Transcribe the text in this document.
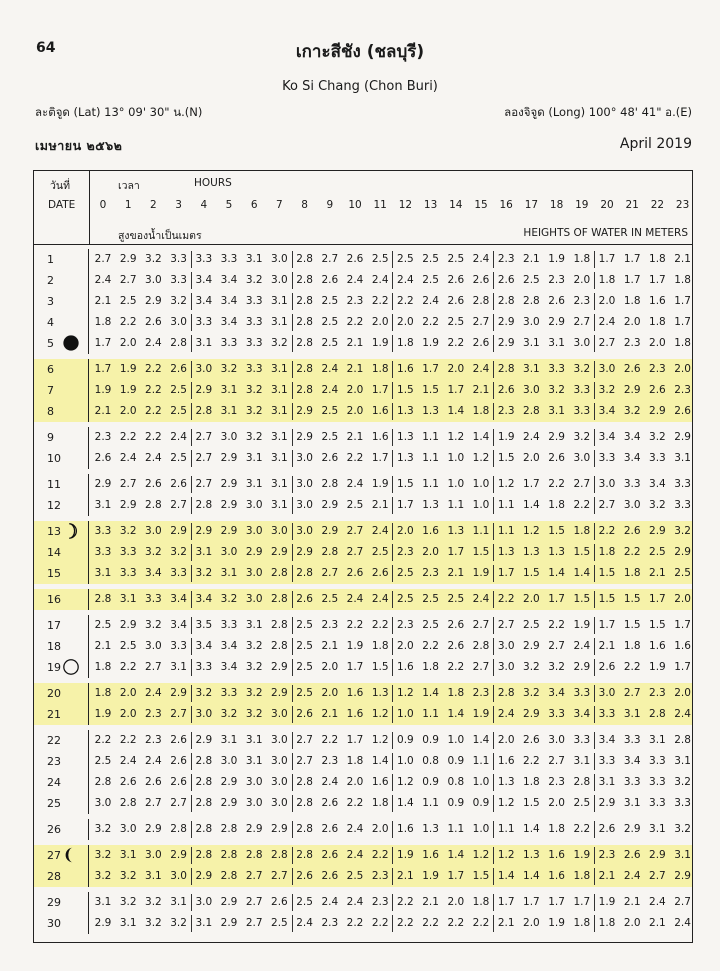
64	เกาะสีชัง (ชลบุรี)
Ko Si Chang (Chon Buri)
ละติจูด (Lat) 13° 09' 30" น.(N)	ลองจิจูด (Long) 100° 48' 41" อ.(E)
เมษายน ๒๕๖๒	April 2019
วันที่
DATE
เวลา	HOURS
0	1	2	3	4	5	6	7	8	9	10	11	12	13	14	15	16	17	18	19	20	21	22	23
สูงของน้ำเป็นเมตร	HEIGHTS OF WATER IN METERS
1	2.7 2.9 3.2 3.3 3.3 3.3 3.1 3.0 2.8 2.7 2.6 2.5 2.5 2.5 2.5 2.4 2.3 2.1 1.9 1.8 1.7 1.7 1.8 2.1
2	2.4 2.7 3.0 3.3 3.4 3.4 3.2 3.0 2.8 2.6 2.4 2.4 2.4 2.5 2.6 2.6 2.6 2.5 2.3 2.0 1.8 1.7 1.7 1.8
3	2.1 2.5 2.9 3.2 3.4 3.4 3.3 3.1 2.8 2.5 2.3 2.2 2.2 2.4 2.6 2.8 2.8 2.8 2.6 2.3 2.0 1.8 1.6 1.7
4	1.8 2.2 2.6 3.0 3.3 3.4 3.3 3.1 2.8 2.5 2.2 2.0 2.0 2.2 2.5 2.7 2.9 3.0 2.9 2.7 2.4 2.0 1.8 1.7
5	1.7 2.0 2.4 2.8 3.1 3.3 3.3 3.2 2.8 2.5 2.1 1.9 1.8 1.9 2.2 2.6 2.9 3.1 3.1 3.0 2.7 2.3 2.0 1.8
6	1.7 1.9 2.2 2.6 3.0 3.2 3.3 3.1 2.8 2.4 2.1 1.8 1.6 1.7 2.0 2.4 2.8 3.1 3.3 3.2 3.0 2.6 2.3 2.0
7	1.9 1.9 2.2 2.5 2.9 3.1 3.2 3.1 2.8 2.4 2.0 1.7 1.5 1.5 1.7 2.1 2.6 3.0 3.2 3.3 3.2 2.9 2.6 2.3
8	2.1 2.0 2.2 2.5 2.8 3.1 3.2 3.1 2.9 2.5 2.0 1.6 1.3 1.3 1.4 1.8 2.3 2.8 3.1 3.3 3.4 3.2 2.9 2.6
9	2.3 2.2 2.2 2.4 2.7 3.0 3.2 3.1 2.9 2.5 2.1 1.6 1.3 1.1 1.2 1.4 1.9 2.4 2.9 3.2 3.4 3.4 3.2 2.9
10	2.6 2.4 2.4 2.5 2.7 2.9 3.1 3.1 3.0 2.6 2.2 1.7 1.3 1.1 1.0 1.2 1.5 2.0 2.6 3.0 3.3 3.4 3.3 3.1
11	2.9 2.7 2.6 2.6 2.7 2.9 3.1 3.1 3.0 2.8 2.4 1.9 1.5 1.1 1.0 1.0 1.2 1.7 2.2 2.7 3.0 3.3 3.4 3.3
12	3.1 2.9 2.8 2.7 2.8 2.9 3.0 3.1 3.0 2.9 2.5 2.1 1.7 1.3 1.1 1.0 1.1 1.4 1.8 2.2 2.7 3.0 3.2 3.3
13	3.3 3.2 3.0 2.9 2.9 2.9 3.0 3.0 3.0 2.9 2.7 2.4 2.0 1.6 1.3 1.1 1.1 1.2 1.5 1.8 2.2 2.6 2.9 3.2
14	3.3 3.3 3.2 3.2 3.1 3.0 2.9 2.9 2.9 2.8 2.7 2.5 2.3 2.0 1.7 1.5 1.3 1.3 1.3 1.5 1.8 2.2 2.5 2.9
15	3.1 3.3 3.4 3.3 3.2 3.1 3.0 2.8 2.8 2.7 2.6 2.6 2.5 2.3 2.1 1.9 1.7 1.5 1.4 1.4 1.5 1.8 2.1 2.5
16	2.8 3.1 3.3 3.4 3.4 3.2 3.0 2.8 2.6 2.5 2.4 2.4 2.5 2.5 2.5 2.4 2.2 2.0 1.7 1.5 1.5 1.5 1.7 2.0
17	2.5 2.9 3.2 3.4 3.5 3.3 3.1 2.8 2.5 2.3 2.2 2.2 2.3 2.5 2.6 2.7 2.7 2.5 2.2 1.9 1.7 1.5 1.5 1.7
18	2.1 2.5 3.0 3.3 3.4 3.4 3.2 2.8 2.5 2.1 1.9 1.8 2.0 2.2 2.6 2.8 3.0 2.9 2.7 2.4 2.1 1.8 1.6 1.6
19	1.8 2.2 2.7 3.1 3.3 3.4 3.2 2.9 2.5 2.0 1.7 1.5 1.6 1.8 2.2 2.7 3.0 3.2 3.2 2.9 2.6 2.2 1.9 1.7
20	1.8 2.0 2.4 2.9 3.2 3.3 3.2 2.9 2.5 2.0 1.6 1.3 1.2 1.4 1.8 2.3 2.8 3.2 3.4 3.3 3.0 2.7 2.3 2.0
21	1.9 2.0 2.3 2.7 3.0 3.2 3.2 3.0 2.6 2.1 1.6 1.2 1.0 1.1 1.4 1.9 2.4 2.9 3.3 3.4 3.3 3.1 2.8 2.4
22	2.2 2.2 2.3 2.6 2.9 3.1 3.1 3.0 2.7 2.2 1.7 1.2 0.9 0.9 1.0 1.4 2.0 2.6 3.0 3.3 3.4 3.3 3.1 2.8
23	2.5 2.4 2.4 2.6 2.8 3.0 3.1 3.0 2.7 2.3 1.8 1.4 1.0 0.8 0.9 1.1 1.6 2.2 2.7 3.1 3.3 3.4 3.3 3.1
24	2.8 2.6 2.6 2.6 2.8 2.9 3.0 3.0 2.8 2.4 2.0 1.6 1.2 0.9 0.8 1.0 1.3 1.8 2.3 2.8 3.1 3.3 3.3 3.2
25	3.0 2.8 2.7 2.7 2.8 2.9 3.0 3.0 2.8 2.6 2.2 1.8 1.4 1.1 0.9 0.9 1.2 1.5 2.0 2.5 2.9 3.1 3.3 3.3
26	3.2 3.0 2.9 2.8 2.8 2.8 2.9 2.9 2.8 2.6 2.4 2.0 1.6 1.3 1.1 1.0 1.1 1.4 1.8 2.2 2.6 2.9 3.1 3.2
27	3.2 3.1 3.0 2.9 2.8 2.8 2.8 2.8 2.8 2.6 2.4 2.2 1.9 1.6 1.4 1.2 1.2 1.3 1.6 1.9 2.3 2.6 2.9 3.1
28	3.2 3.2 3.1 3.0 2.9 2.8 2.7 2.7 2.6 2.6 2.5 2.3 2.1 1.9 1.7 1.5 1.4 1.4 1.6 1.8 2.1 2.4 2.7 2.9
29	3.1 3.2 3.2 3.1 3.0 2.9 2.7 2.6 2.5 2.4 2.4 2.3 2.2 2.1 2.0 1.8 1.7 1.7 1.7 1.7 1.9 2.1 2.4 2.7
30	2.9 3.1 3.2 3.2 3.1 2.9 2.7 2.5 2.4 2.3 2.2 2.2 2.2 2.2 2.2 2.2 2.1 2.0 1.9 1.8 1.8 2.0 2.1 2.4
